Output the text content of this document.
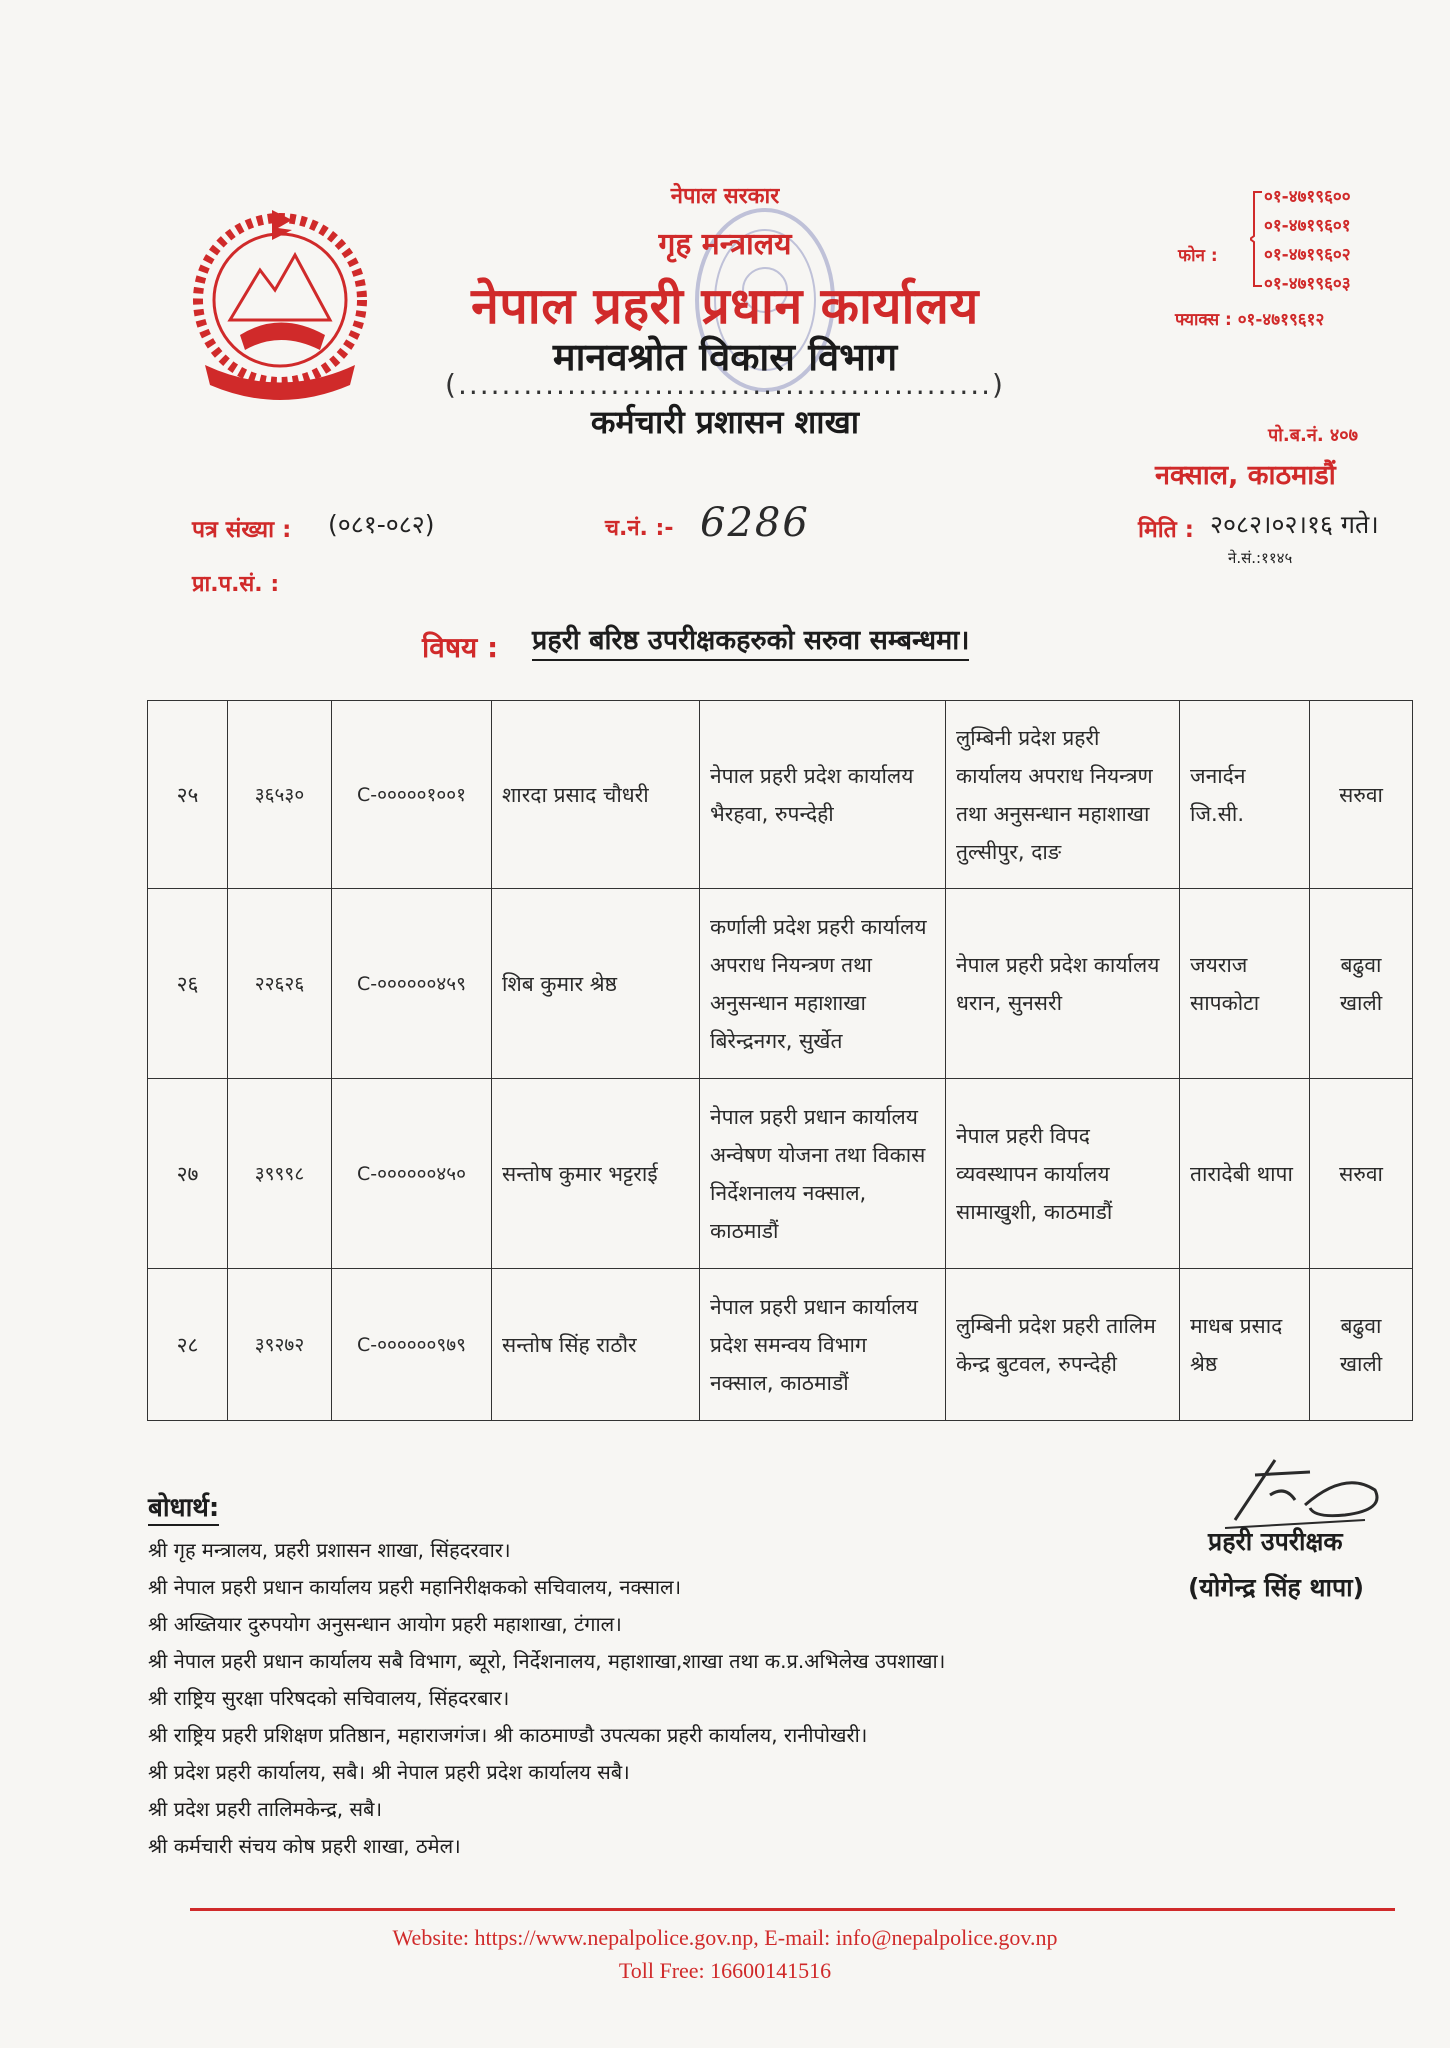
नेपाल सरकार
गृह मन्त्रालय
नेपाल प्रहरी प्रधान कार्यालय
मानवश्रोत विकास विभाग
(.................................................)
कर्मचारी प्रशासन शाखा
फोन :
०१-४७१९६००
०१-४७१९६०१
०१-४७१९६०२
०१-४७१९६०३
फ्याक्स : ०१-४७१९६१२
पो.ब.नं. ४०७
नक्साल, काठमाडौं
पत्र संख्या : (०८१-०८२)	च.नं. :- 6286	मिति : २०८२।०२।१६ गते।
ने.सं.:११४५
प्रा.प.सं. :
विषय : प्रहरी बरिष्ठ उपरीक्षकहरुको सरुवा सम्बन्धमा।
२५	३६५३०	C-०००००१००१	शारदा प्रसाद चौधरी	नेपाल प्रहरी प्रदेश कार्यालय भैरहवा, रुपन्देही	लुम्बिनी प्रदेश प्रहरी कार्यालय अपराध नियन्त्रण तथा अनुसन्धान महाशाखा तुल्सीपुर, दाङ	जनार्दन जि.सी.	सरुवा
२६	२२६२६	C-००००००४५९	शिब कुमार श्रेष्ठ	कर्णाली प्रदेश प्रहरी कार्यालय अपराध नियन्त्रण तथा अनुसन्धान महाशाखा बिरेन्द्रनगर, सुर्खेत	नेपाल प्रहरी प्रदेश कार्यालय धरान, सुनसरी	जयराज सापकोटा	बढुवा खाली
२७	३९९९८	C-००००००४५०	सन्तोष कुमार भट्टराई	नेपाल प्रहरी प्रधान कार्यालय अन्वेषण योजना तथा विकास निर्देशनालय नक्साल, काठमाडौं	नेपाल प्रहरी विपद व्यवस्थापन कार्यालय सामाखुशी, काठमाडौं	तारादेबी थापा	सरुवा
२८	३९२७२	C-००००००९७९	सन्तोष सिंह राठौर	नेपाल प्रहरी प्रधान कार्यालय प्रदेश समन्वय विभाग नक्साल, काठमाडौं	लुम्बिनी प्रदेश प्रहरी तालिम केन्द्र बुटवल, रुपन्देही	माधब प्रसाद श्रेष्ठ	बढुवा खाली
बोधार्थ:
श्री गृह मन्त्रालय, प्रहरी प्रशासन शाखा, सिंहदरवार।
श्री नेपाल प्रहरी प्रधान कार्यालय प्रहरी महानिरीक्षकको सचिवालय, नक्साल।
श्री अख्तियार दुरुपयोग अनुसन्धान आयोग प्रहरी महाशाखा, टंगाल।
श्री नेपाल प्रहरी प्रधान कार्यालय सबै विभाग, ब्यूरो, निर्देशनालय, महाशाखा,शाखा तथा क.प्र.अभिलेख उपशाखा।
श्री राष्ट्रिय सुरक्षा परिषदको सचिवालय, सिंहदरबार।
श्री राष्ट्रिय प्रहरी प्रशिक्षण प्रतिष्ठान, महाराजगंज। श्री काठमाण्डौ उपत्यका प्रहरी कार्यालय, रानीपोखरी।
श्री प्रदेश प्रहरी कार्यालय, सबै। श्री नेपाल प्रहरी प्रदेश कार्यालय सबै।
श्री प्रदेश प्रहरी तालिमकेन्द्र, सबै।
श्री कर्मचारी संचय कोष प्रहरी शाखा, ठमेल।
प्रहरी उपरीक्षक
(योगेन्द्र सिंह थापा)
Website: https://www.nepalpolice.gov.np, E-mail: info@nepalpolice.gov.np
Toll Free: 16600141516
